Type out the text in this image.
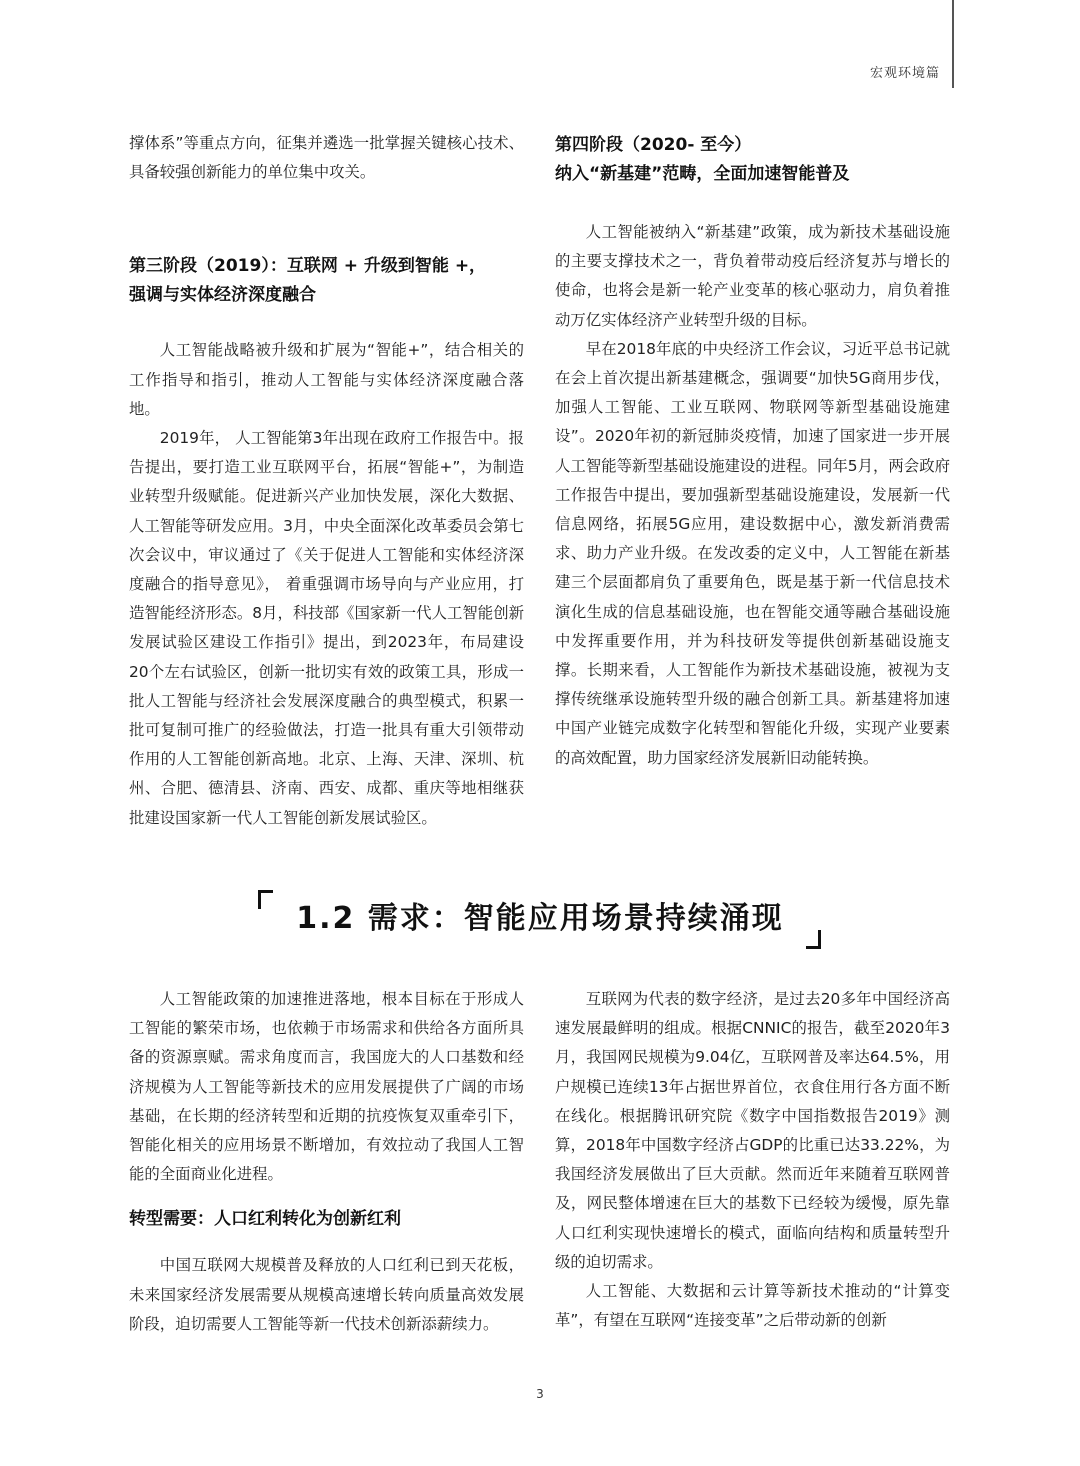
宏观环境篇

撑体系”等重点方向，征集并遴选一批掌握关键核心技术、具备较强创新能力的单位集中攻关。

第三阶段（2019）：互联网 + 升级到智能 +，
强调与实体经济深度融合

人工智能战略被升级和扩展为“智能+”，结合相关的工作指导和指引，推动人工智能与实体经济深度融合落地。

2019年， 人工智能第3年出现在政府工作报告中。报告提出，要打造工业互联网平台，拓展“智能+”，为制造业转型升级赋能。促进新兴产业加快发展，深化大数据、人工智能等研发应用。3月，中央全面深化改革委员会第七次会议中，审议通过了《关于促进人工智能和实体经济深度融合的指导意见》， 着重强调市场导向与产业应用，打造智能经济形态。8月，科技部《国家新一代人工智能创新发展试验区建设工作指引》提出，到2023年，布局建设20个左右试验区，创新一批切实有效的政策工具，形成一批人工智能与经济社会发展深度融合的典型模式，积累一批可复制可推广的经验做法，打造一批具有重大引领带动作用的人工智能创新高地。北京、上海、天津、深圳、杭州、合肥、德清县、济南、西安、成都、重庆等地相继获批建设国家新一代人工智能创新发展试验区。

第四阶段（2020- 至今）
纳入“新基建”范畴，全面加速智能普及

人工智能被纳入“新基建”政策，成为新技术基础设施的主要支撑技术之一，背负着带动疫后经济复苏与增长的使命，也将会是新一轮产业变革的核心驱动力，肩负着推动万亿实体经济产业转型升级的目标。

早在2018年底的中央经济工作会议，习近平总书记就在会上首次提出新基建概念，强调要“加快5G商用步伐，加强人工智能、工业互联网、物联网等新型基础设施建设”。2020年初的新冠肺炎疫情，加速了国家进一步开展人工智能等新型基础设施建设的进程。同年5月，两会政府工作报告中提出，要加强新型基础设施建设，发展新一代信息网络，拓展5G应用，建设数据中心，激发新消费需求、助力产业升级。在发改委的定义中，人工智能在新基建三个层面都肩负了重要角色，既是基于新一代信息技术演化生成的信息基础设施，也在智能交通等融合基础设施中发挥重要作用，并为科技研发等提供创新基础设施支撑。长期来看，人工智能作为新技术基础设施，被视为支撑传统继承设施转型升级的融合创新工具。新基建将加速中国产业链完成数字化转型和智能化升级，实现产业要素的高效配置，助力国家经济发展新旧动能转换。

1.2 需求：智能应用场景持续涌现

人工智能政策的加速推进落地，根本目标在于形成人工智能的繁荣市场，也依赖于市场需求和供给各方面所具备的资源禀赋。需求角度而言，我国庞大的人口基数和经济规模为人工智能等新技术的应用发展提供了广阔的市场基础，在长期的经济转型和近期的抗疫恢复双重牵引下，智能化相关的应用场景不断增加，有效拉动了我国人工智能的全面商业化进程。

转型需要：人口红利转化为创新红利

中国互联网大规模普及释放的人口红利已到天花板，未来国家经济发展需要从规模高速增长转向质量高效发展阶段，迫切需要人工智能等新一代技术创新添薪续力。

互联网为代表的数字经济，是过去20多年中国经济高速发展最鲜明的组成。根据CNNIC的报告，截至2020年3月，我国网民规模为9.04亿，互联网普及率达64.5%，用户规模已连续13年占据世界首位，衣食住用行各方面不断在线化。根据腾讯研究院《数字中国指数报告2019》测算，2018年中国数字经济占GDP的比重已达33.22%，为我国经济发展做出了巨大贡献。然而近年来随着互联网普及，网民整体增速在巨大的基数下已经较为缓慢，原先靠人口红利实现快速增长的模式，面临向结构和质量转型升级的迫切需求。

人工智能、大数据和云计算等新技术推动的“计算变革”，有望在互联网“连接变革”之后带动新的创新

3
